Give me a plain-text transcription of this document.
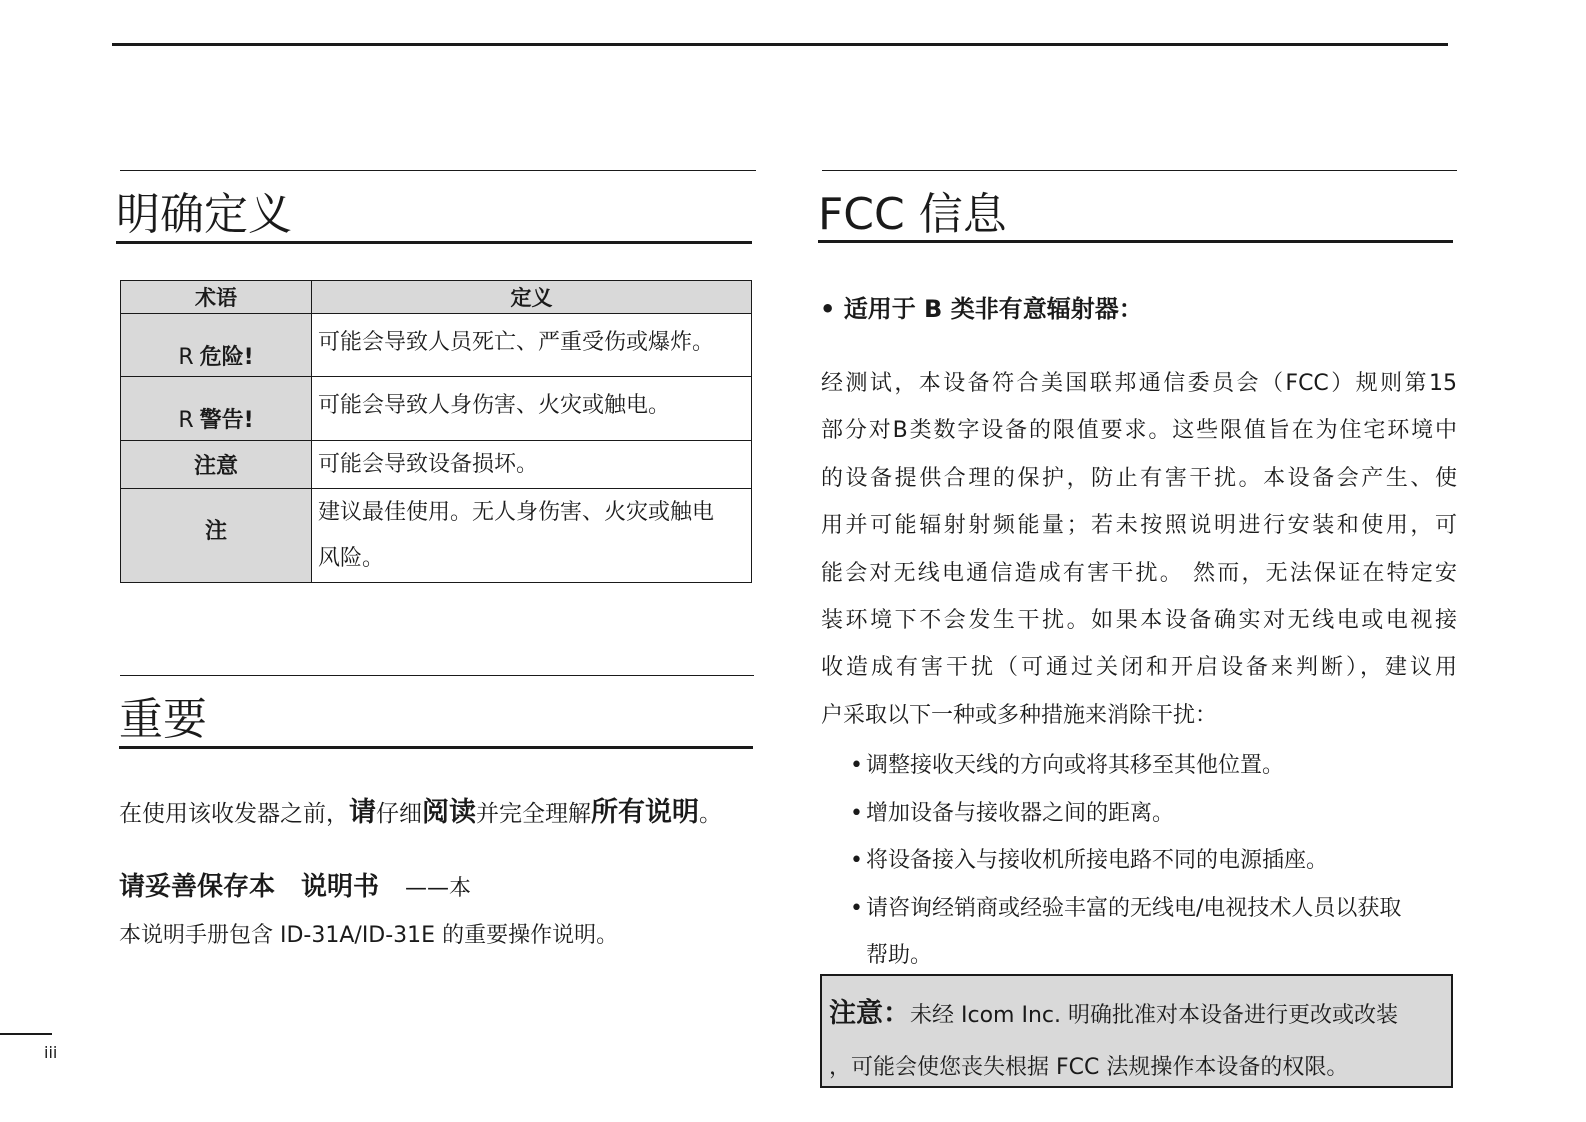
明确定义
术语	定义
R 危险!	可能会导致人员死亡、严重受伤或爆炸。
R 警告!	可能会导致人身伤害、火灾或触电。
注意	可能会导致设备损坏。
注	建议最佳使用。无人身伤害、火灾或触电
风险。
重要
在使用该收发器之前，请仔细阅读并完全理解所有说明。
请妥善保存本　说明书 ——本
本说明手册包含 ID-31A/ID-31E 的重要操作说明。
FCC 信息
• 适用于 B 类非有意辐射器：

经测试，本设备符合美国联邦通信委员会（FCC）规则第15
部分对B类数字设备的限值要求。这些限值旨在为住宅环境中
的设备提供合理的保护，防止有害干扰。本设备会产生、使
用并可能辐射射频能量；若未按照说明进行安装和使用，可
能会对无线电通信造成有害干扰。 然而，无法保证在特定安
装环境下不会发生干扰。如果本设备确实对无线电或电视接
收造成有害干扰（可通过关闭和开启设备来判断），建议用
户采取以下一种或多种措施来消除干扰：

• 调整接收天线的方向或将其移至其他位置。
• 增加设备与接收器之间的距离。
• 将设备接入与接收机所接电路不同的电源插座。
• 请咨询经销商或经验丰富的无线电/电视技术人员以获取
帮助。
注意：未经 Icom Inc. 明确批准对本设备进行更改或改装
，可能会使您丧失根据 FCC 法规操作本设备的权限。
iii
